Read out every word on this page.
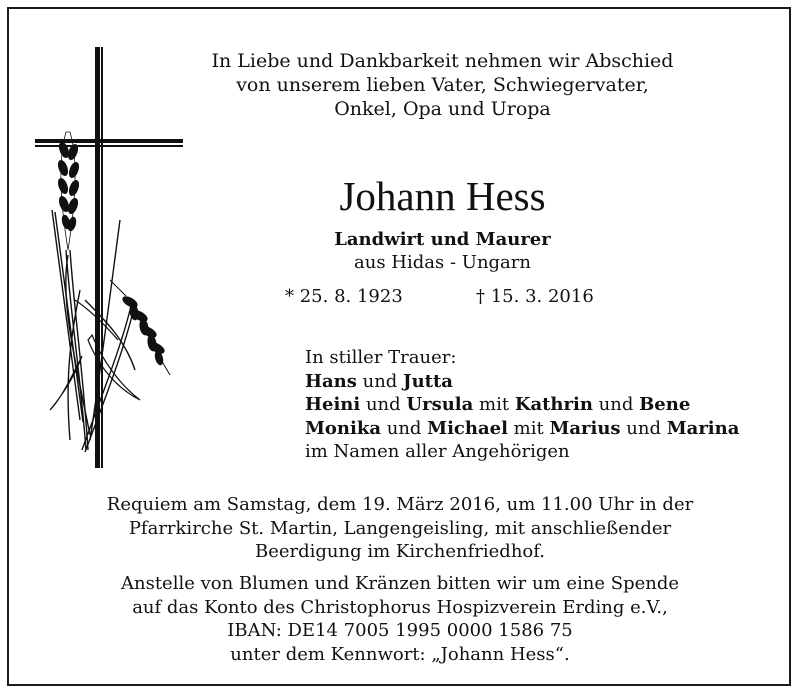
In Liebe und Dankbarkeit nehmen wir Abschied
von unserem lieben Vater, Schwiegervater,
Onkel, Opa und Uropa
Johann Hess
Landwirt und Maurer
aus Hidas - Ungarn
* 25. 8. 1923	† 15. 3. 2016
In stiller Trauer:
Hans und Jutta
Heini und Ursula mit Kathrin und Bene
Monika und Michael mit Marius und Marina
im Namen aller Angehörigen
Requiem am Samstag, dem 19. März 2016, um 11.00 Uhr in der
Pfarrkirche St. Martin, Langengeisling, mit anschließender
Beerdigung im Kirchenfriedhof.
Anstelle von Blumen und Kränzen bitten wir um eine Spende
auf das Konto des Christophorus Hospizverein Erding e.V.,
IBAN: DE14 7005 1995 0000 1586 75
unter dem Kennwort: „Johann Hess“.
